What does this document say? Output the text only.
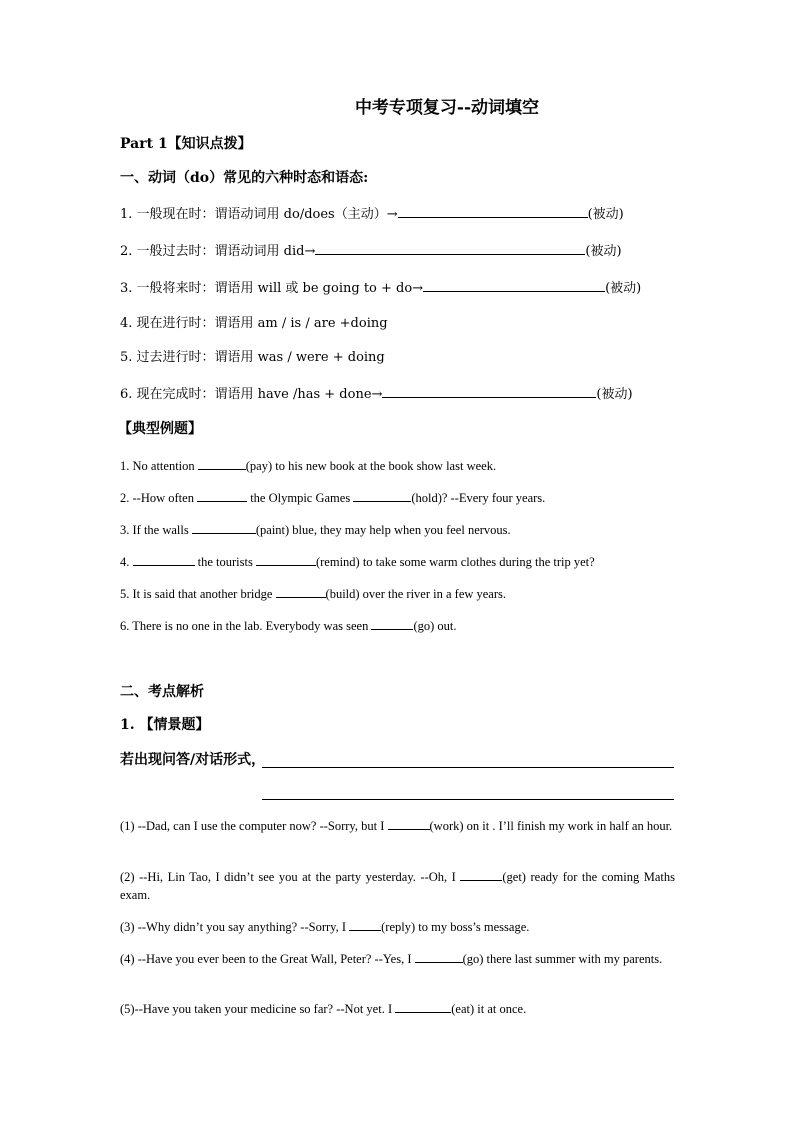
中考专项复习--动词填空
Part 1【知识点拨】
一、动词（do）常见的六种时态和语态:
1. 一般现在时：谓语动词用 do/does（主动）→	(被动)
2. 一般过去时：谓语动词用 did→	(被动)
3. 一般将来时：谓语用 will 或 be going to + do→	(被动)
4. 现在进行时：谓语用 am / is / are +doing
5. 过去进行时：谓语用 was / were + doing
6. 现在完成时：谓语用 have /has + done→	(被动)
【典型例题】
1. No attention	(pay) to his new book at the book show last week.
2. --How often	the Olympic Games	(hold)? --Every four years.
3. If the walls	(paint) blue, they may help when you feel nervous.
4.	the tourists	(remind) to take some warm clothes during the trip yet?
5. It is said that another bridge	(build) over the river in a few years.
6. There is no one in the lab. Everybody was seen	(go) out.
二、考点解析
1. 【情景题】
若出现问答/对话形式，
(1) --Dad, can I use the computer now? --Sorry, but I	(work) on it . I’ll finish my work in half an hour.
(2) --Hi, Lin Tao, I didn’t see you at the party yesterday. --Oh, I	(get) ready for the coming Maths exam.
(3) --Why didn’t you say anything? --Sorry, I	(reply) to my boss’s message.
(4) --Have you ever been to the Great Wall, Peter? --Yes, I	(go) there last summer with my parents.
(5)--Have you taken your medicine so far? --Not yet. I	(eat) it at once.
